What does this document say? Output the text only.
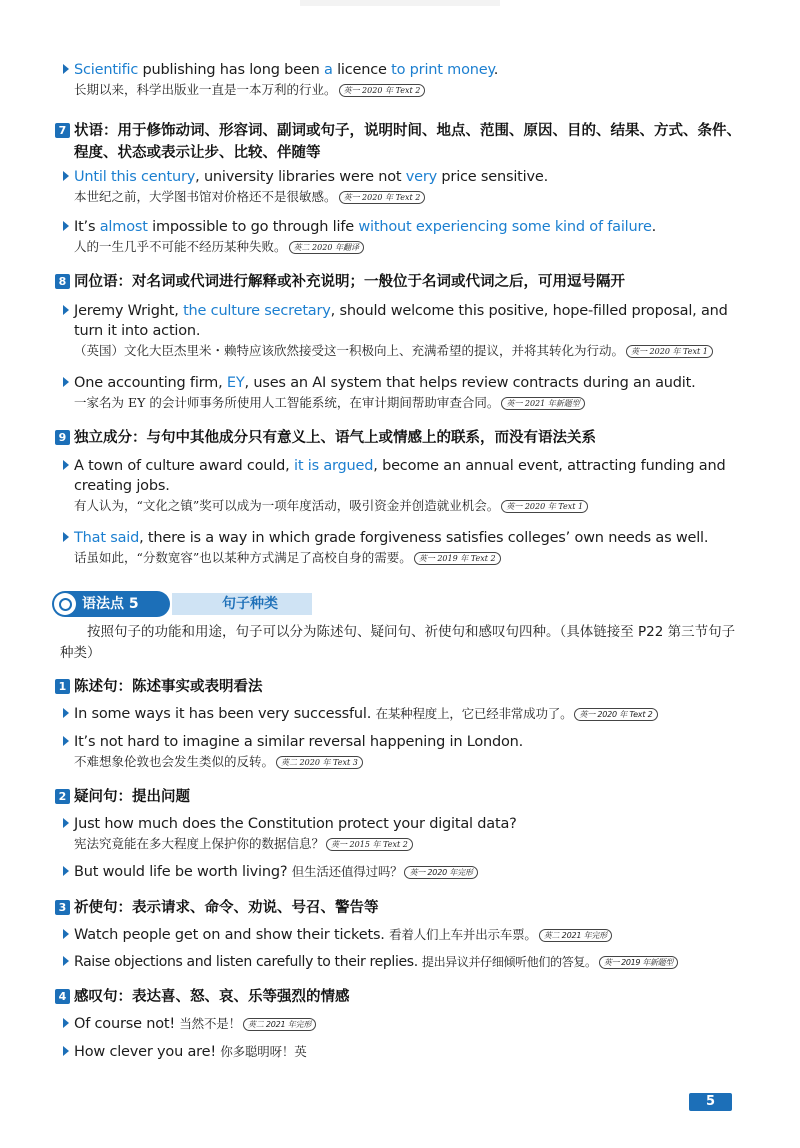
Scientific publishing has long been a licence to print money.
长期以来，科学出版业一直是一本万利的行业。 英一 2020 年 Text 2
7 状语：用于修饰动词、形容词、副词或句子，说明时间、地点、范围、原因、目的、结果、方式、条件、程度、状态或表示让步、比较、伴随等
Until this century, university libraries were not very price sensitive.
本世纪之前，大学图书馆对价格还不是很敏感。 英一 2020 年 Text 2
It’s almost impossible to go through life without experiencing some kind of failure.
人的一生几乎不可能不经历某种失败。 英二 2020 年翻译
8 同位语：对名词或代词进行解释或补充说明；一般位于名词或代词之后，可用逗号隔开
Jeremy Wright, the culture secretary, should welcome this positive, hope-filled proposal, and turn it into action.
（英国）文化大臣杰里米・赖特应该欣然接受这一积极向上、充满希望的提议，并将其转化为行动。 英一 2020 年 Text 1
One accounting firm, EY, uses an AI system that helps review contracts during an audit.
一家名为 EY 的会计师事务所使用人工智能系统，在审计期间帮助审查合同。 英一 2021 年新题型
9 独立成分：与句中其他成分只有意义上、语气上或情感上的联系，而没有语法关系
A town of culture award could, it is argued, become an annual event, attracting funding and creating jobs.
有人认为，“文化之镇”奖可以成为一项年度活动，吸引资金并创造就业机会。 英一 2020 年 Text 1
That said, there is a way in which grade forgiveness satisfies colleges’ own needs as well.
话虽如此，“分数宽容”也以某种方式满足了高校自身的需要。 英一 2019 年 Text 2
句子种类
语法点 5
按照句子的功能和用途，句子可以分为陈述句、疑问句、祈使句和感叹句四种。（具体链接至 P22 第三节句子种类）
1 陈述句：陈述事实或表明看法
In some ways it has been very successful. 在某种程度上，它已经非常成功了。 英一 2020 年 Text 2
It’s not hard to imagine a similar reversal happening in London.
不难想象伦敦也会发生类似的反转。 英二 2020 年 Text 3
2 疑问句：提出问题
Just how much does the Constitution protect your digital data?
宪法究竟能在多大程度上保护你的数据信息？ 英一 2015 年 Text 2
But would life be worth living? 但生活还值得过吗？ 英一 2020 年完形
3 祈使句：表示请求、命令、劝说、号召、警告等
Watch people get on and show their tickets. 看着人们上车并出示车票。 英二 2021 年完形
Raise objections and listen carefully to their replies. 提出异议并仔细倾听他们的答复。 英一 2019 年新题型
4 感叹句：表达喜、怒、哀、乐等强烈的情感
Of course not! 当然不是！ 英二 2021 年完形
How clever you are! 你多聪明呀！英
5
